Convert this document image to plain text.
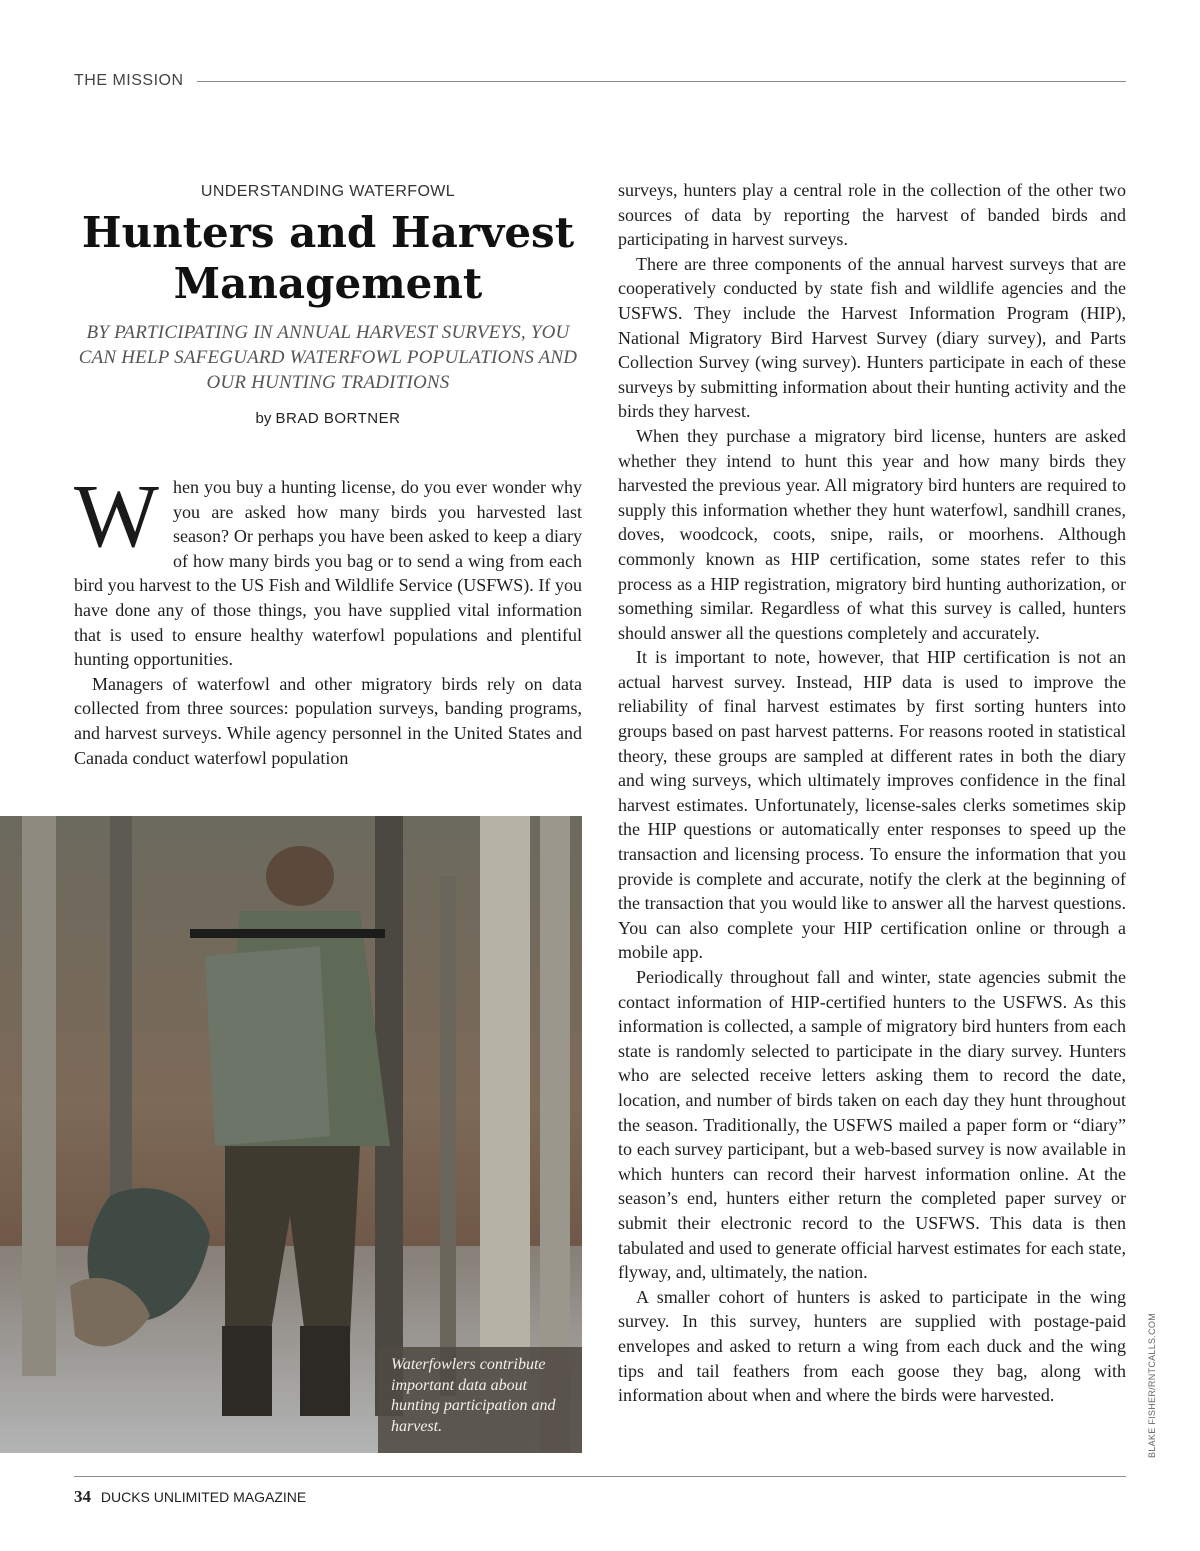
THE MISSION
UNDERSTANDING WATERFOWL
Hunters and Harvest Management
BY PARTICIPATING IN ANNUAL HARVEST SURVEYS, YOU CAN HELP SAFEGUARD WATERFOWL POPULATIONS AND OUR HUNTING TRADITIONS
by BRAD BORTNER

When you buy a hunting license, do you ever wonder why you are asked how many birds you harvested last season? Or perhaps you have been asked to keep a diary of how many birds you bag or to send a wing from each bird you harvest to the US Fish and Wildlife Service (USFWS). If you have done any of those things, you have supplied vital information that is used to ensure healthy waterfowl populations and plentiful hunting opportunities.

Managers of waterfowl and other migratory birds rely on data collected from three sources: population surveys, banding programs, and harvest surveys. While agency personnel in the United States and Canada conduct waterfowl population

surveys, hunters play a central role in the collection of the other two sources of data by reporting the harvest of banded birds and participating in harvest surveys.

There are three components of the annual harvest surveys that are cooperatively conducted by state fish and wildlife agencies and the USFWS. They include the Harvest Information Program (HIP), National Migratory Bird Harvest Survey (diary survey), and Parts Collection Survey (wing survey). Hunters participate in each of these surveys by submitting information about their hunting activity and the birds they harvest.

When they purchase a migratory bird license, hunters are asked whether they intend to hunt this year and how many birds they harvested the previous year. All migratory bird hunters are required to supply this information whether they hunt waterfowl, sandhill cranes, doves, woodcock, coots, snipe, rails, or moorhens. Although commonly known as HIP certification, some states refer to this process as a HIP registration, migratory bird hunting authorization, or something similar. Regardless of what this survey is called, hunters should answer all the questions completely and accurately.

It is important to note, however, that HIP certification is not an actual harvest survey. Instead, HIP data is used to improve the reliability of final harvest estimates by first sorting hunters into groups based on past harvest patterns. For reasons rooted in statistical theory, these groups are sampled at different rates in both the diary and wing surveys, which ultimately improves confidence in the final harvest estimates. Unfortunately, license-sales clerks sometimes skip the HIP questions or automatically enter responses to speed up the transaction and licensing process. To ensure the information that you provide is complete and accurate, notify the clerk at the beginning of the transaction that you would like to answer all the harvest questions. You can also complete your HIP certification online or through a mobile app.

Periodically throughout fall and winter, state agencies submit the contact information of HIP-certified hunters to the USFWS. As this information is collected, a sample of migratory bird hunters from each state is randomly selected to participate in the diary survey. Hunters who are selected receive letters asking them to record the date, location, and number of birds taken on each day they hunt throughout the season. Traditionally, the USFWS mailed a paper form or “diary” to each survey participant, but a web-based survey is now available in which hunters can record their harvest information online. At the season’s end, hunters either return the completed paper survey or submit their electronic record to the USFWS. This data is then tabulated and used to generate official harvest estimates for each state, flyway, and, ultimately, the nation.

A smaller cohort of hunters is asked to participate in the wing survey. In this survey, hunters are supplied with postage-paid envelopes and asked to return a wing from each duck and the wing tips and tail feathers from each goose they bag, along with information about when and where the birds were harvested.

Waterfowlers contribute important data about hunting participation and harvest.	BLAKE FISHER/RNTCALLS.COM
34 DUCKS UNLIMITED MAGAZINE
